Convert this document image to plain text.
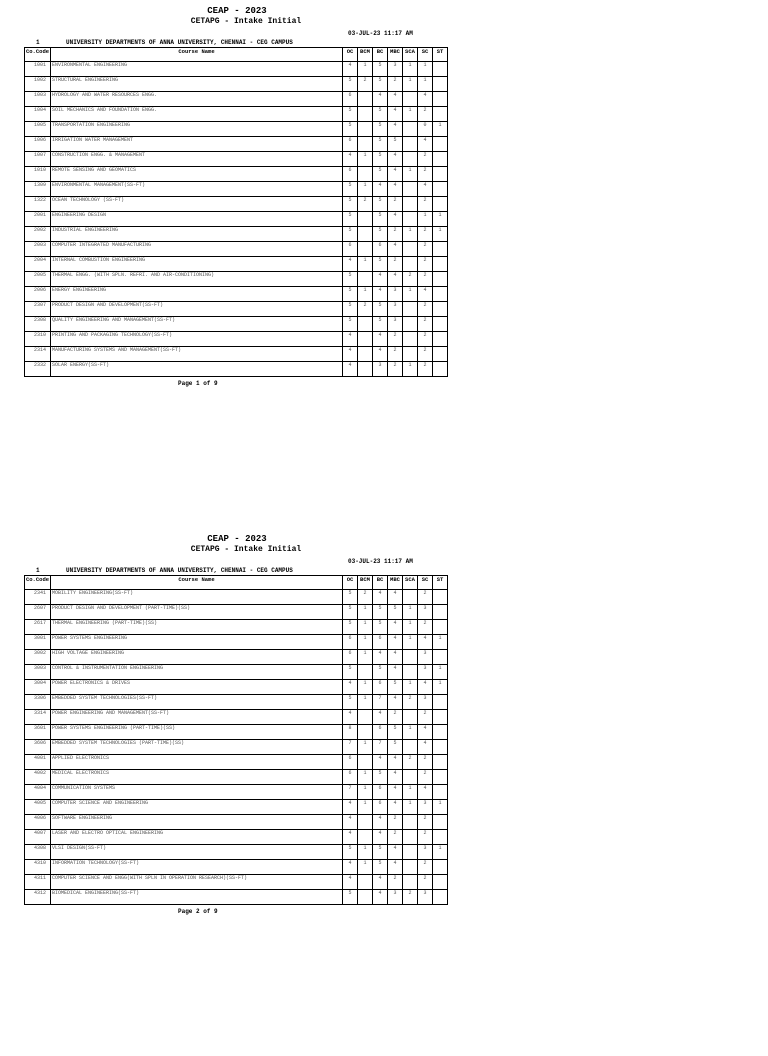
CEAP - 2023
CETAPG - Intake Initial
03-JUL-23 11:17 AM
1	UNIVERSITY DEPARTMENTS OF ANNA UNIVERSITY, CHENNAI - CEG CAMPUS
Co.Code	Course Name	OC	BCM	BC	MBC	SCA	SC	ST
1001	ENVIRONMENTAL ENGINEERING	4	1	5	3	1	1	
1002	STRUCTURAL ENGINEERING	5	2	5	2	1	1	
1003	HYDROLOGY AND WATER RESOURCES ENGG.	6		4	4		4	
1004	SOIL MECHANICS AND FOUNDATION ENGG.	5		5	4	1	2	
1005	TRANSPORTATION ENGINEERING	5		5	4		0	1
1006	IRRIGATION WATER MANAGEMENT	6		5	5		4	
1007	CONSTRUCTION ENGG. & MANAGEMENT	4	1	5	4		2	
1010	REMOTE SENSING AND GEOMATICS	6		5	4	1	2	
1309	ENVIRONMENTAL MANAGEMENT(SS-FT)	5	1	4	4		4	
1322	OCEAN TECHNOLOGY (SS-FT)	5	2	5	2		2	
2001	ENGINEERING DESIGN	5		5	4		1	1
2002	INDUSTRIAL ENGINEERING	5		5	2	1	2	1
2003	COMPUTER INTEGRATED MANUFACTURING	6		6	4		2	
2004	INTERNAL COMBUSTION ENGINEERING	4	1	5	2		2	
2005	THERMAL ENGG. (WITH SPLN. REFRI. AND AIR-CONDITIONING)	5		4	4	2	2	
2006	ENERGY ENGINEERING	5	1	4	3	1	4	
2307	PRODUCT DESIGN AND DEVELOPMENT(SS-FT)	5	2	5	3		2	
2308	QUALITY ENGINEERING AND MANAGEMENT(SS-FT)	5		5	3		2	
2310	PRINTING AND PACKAGING TECHNOLOGY(SS-FT)	4		4	2		2	
2314	MANUFACTURING SYSTEMS AND MANAGEMENT(SS-FT)	4		4	2		2	
2332	SOLAR ENERGY(SS-FT)	4		3	2	1	2	
Page 1 of 9
CEAP - 2023
CETAPG - Intake Initial
03-JUL-23 11:17 AM
1	UNIVERSITY DEPARTMENTS OF ANNA UNIVERSITY, CHENNAI - CEG CAMPUS
Co.Code	Course Name	OC	BCM	BC	MBC	SCA	SC	ST
2341	MOBILITY ENGINEERING(SS-FT)	5	2	4	4		2	
2607	PRODUCT DESIGN AND DEVELOPMENT (PART-TIME)(SS)	5	1	5	5	1	3	
2617	THERMAL ENGINEERING (PART-TIME)(SS)	5	1	5	4	1	2	
3001	POWER SYSTEMS ENGINEERING	6	1	6	4	1	4	1
3002	HIGH VOLTAGE ENGINEERING	6	1	4	4		3	
3003	CONTROL & INSTRUMENTATION ENGINEERING	5		5	4		3	1
3004	POWER ELECTRONICS & DRIVES	4	1	6	5	1	4	1
3306	EMBEDDED SYSTEM TECHNOLOGIES(SS-FT)	5	1	7	4	2	3	
3314	POWER ENGINEERING AND MANAGEMENT(SS-FT)	4		4	2		2	
3601	POWER SYSTEMS ENGINEERING (PART-TIME)(SS)	8		6	5	1	4	
3606	EMBEDDED SYSTEM TECHNOLOGIES (PART-TIME)(SS)	7	1	7	5		4	
4001	APPLIED ELECTRONICS	6		4	4	2	2	
4002	MEDICAL ELECTRONICS	6	1	5	4		2	
4004	COMMUNICATION SYSTEMS	7	1	6	4	1	4	
4005	COMPUTER SCIENCE AND ENGINEERING	4	1	6	4	1	3	1
4006	SOFTWARE ENGINEERING	4		4	2		2	
4007	LASER AND ELECTRO OPTICAL ENGINEERING	4		4	2		2	
4308	VLSI DESIGN(SS-FT)	5	1	5	4		3	1
4310	INFORMATION TECHNOLOGY(SS-FT)	4	1	5	4		2	
4311	COMPUTER SCIENCE AND ENGG(WITH SPLN IN OPERATION RESEARCH)(SS-FT)	4		4	2		2	
4312	BIOMEDICAL ENGINEERING(SS-FT)	5		4	3	2	3	
Page 2 of 9
